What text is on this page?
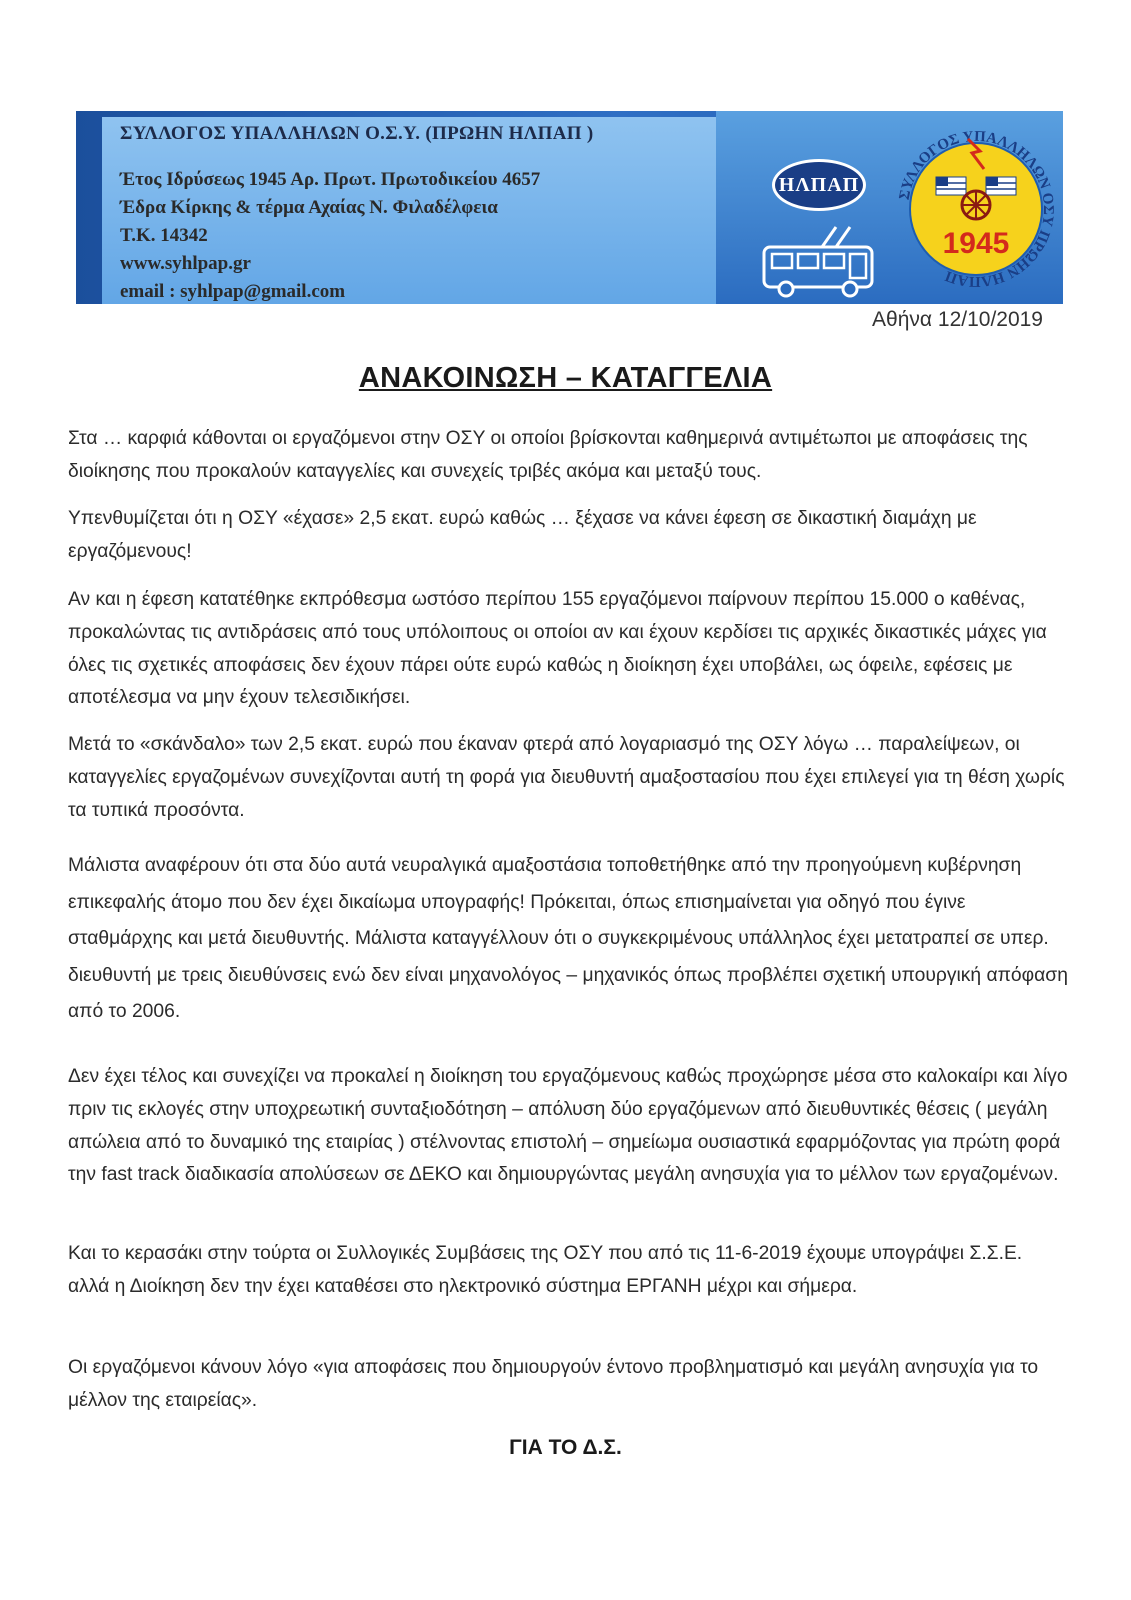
ΣΥΛΛΟΓΟΣ ΥΠΑΛΛΗΛΩΝ Ο.Σ.Υ. (ΠΡΩΗΝ ΗΛΠΑΠ )
Έτος Ιδρύσεως 1945 Αρ. Πρωτ. Πρωτοδικείου 4657
Έδρα Κίρκης & τέρμα Αχαίας Ν. Φιλαδέλφεια
Τ.Κ. 14342
www.syhlpap.gr
email : syhlpap@gmail.com
ΗΛΠΑΠ ΣΥΛΛΟΓΟΣ ΥΠΑΛΛΗΛΩΝ ΟΣΥ ΠΡΩΗΝ ΗΛΠΑΠ
1945
Αθήνα 12/10/2019
ΑΝΑΚΟΙΝΩΣΗ – ΚΑΤΑΓΓΕΛΙΑ
Στα … καρφιά κάθονται οι εργαζόμενοι στην ΟΣΥ οι οποίοι βρίσκονται καθημερινά αντιμέτωποι με αποφάσεις της διοίκησης που προκαλούν καταγγελίες και συνεχείς τριβές ακόμα και μεταξύ τους.
Υπενθυμίζεται ότι η ΟΣΥ «έχασε» 2,5 εκατ. ευρώ καθώς … ξέχασε να κάνει έφεση σε δικαστική διαμάχη με εργαζόμενους!
Αν και η έφεση κατατέθηκε εκπρόθεσμα ωστόσο περίπου 155 εργαζόμενοι παίρνουν περίπου 15.000 ο καθένας, προκαλώντας τις αντιδράσεις από τους υπόλοιπους οι οποίοι αν και έχουν κερδίσει τις αρχικές δικαστικές μάχες για όλες τις σχετικές αποφάσεις δεν έχουν πάρει ούτε ευρώ καθώς η διοίκηση έχει υποβάλει, ως όφειλε, εφέσεις με αποτέλεσμα να μην έχουν τελεσιδικήσει.
Μετά το «σκάνδαλο» των 2,5 εκατ. ευρώ που έκαναν φτερά από λογαριασμό της ΟΣΥ λόγω … παραλείψεων, οι καταγγελίες εργαζομένων συνεχίζονται αυτή τη φορά για διευθυντή αμαξοστασίου που έχει επιλεγεί για τη θέση χωρίς τα τυπικά προσόντα.
Μάλιστα αναφέρουν ότι στα δύο αυτά νευραλγικά αμαξοστάσια τοποθετήθηκε από την προηγούμενη κυβέρνηση επικεφαλής άτομο που δεν έχει δικαίωμα υπογραφής! Πρόκειται, όπως επισημαίνεται για οδηγό που έγινε σταθμάρχης και μετά διευθυντής. Μάλιστα καταγγέλλουν ότι ο συγκεκριμένους υπάλληλος έχει μετατραπεί σε υπερ. διευθυντή με τρεις διευθύνσεις ενώ δεν είναι μηχανολόγος – μηχανικός όπως προβλέπει σχετική υπουργική απόφαση από το 2006.
Δεν έχει τέλος και συνεχίζει να προκαλεί η διοίκηση του εργαζόμενους καθώς προχώρησε μέσα στο καλοκαίρι και λίγο πριν τις εκλογές στην υποχρεωτική συνταξιοδότηση – απόλυση δύο εργαζόμενων από διευθυντικές θέσεις ( μεγάλη απώλεια από το δυναμικό της εταιρίας ) στέλνοντας επιστολή – σημείωμα ουσιαστικά εφαρμόζοντας για πρώτη φορά την fast track διαδικασία απολύσεων σε ΔΕΚΟ και δημιουργώντας μεγάλη ανησυχία για το μέλλον των εργαζομένων.
Και το κερασάκι στην τούρτα οι Συλλογικές Συμβάσεις της ΟΣΥ που από τις 11-6-2019 έχουμε υπογράψει Σ.Σ.Ε. αλλά η Διοίκηση δεν την έχει καταθέσει στο ηλεκτρονικό σύστημα ΕΡΓΑΝΗ μέχρι και σήμερα.
Οι εργαζόμενοι κάνουν λόγο «για αποφάσεις που δημιουργούν έντονο προβληματισμό και μεγάλη ανησυχία για το μέλλον της εταιρείας».
ΓΙΑ ΤΟ Δ.Σ.
